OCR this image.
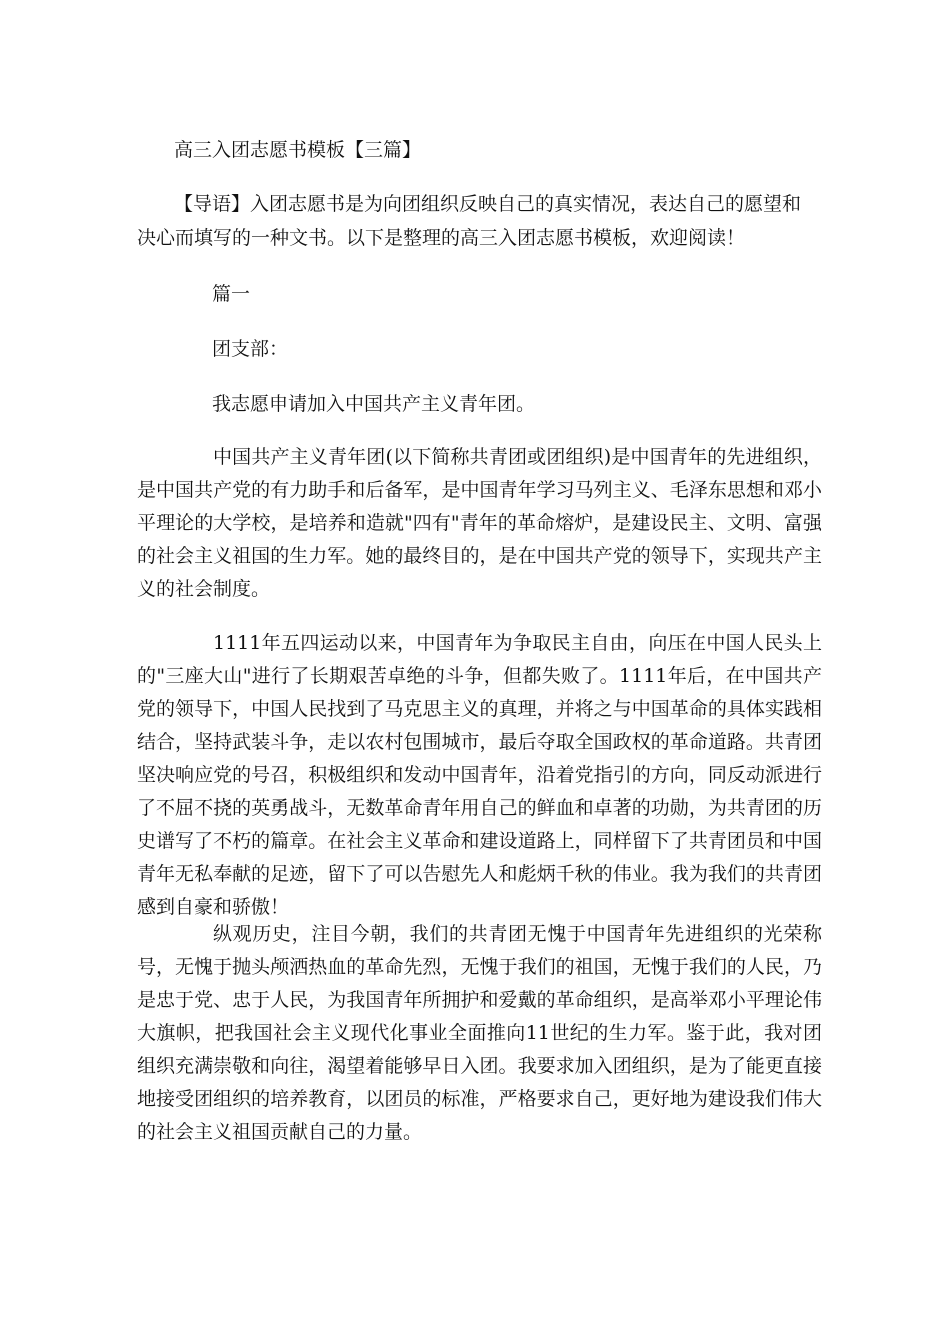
高三入团志愿书模板【三篇】
【导语】入团志愿书是为向团组织反映自己的真实情况，表达自己的愿望和
决心而填写的一种文书。以下是整理的高三入团志愿书模板，欢迎阅读！
篇一
团支部：
我志愿申请加入中国共产主义青年团。

中国共产主义青年团(以下简称共青团或团组织)是中国青年的先进组织，是中国共产党的有力助手和后备军，是中国青年学习马列主义、毛泽东思想和邓小平理论的大学校，是培养和造就"四有"青年的革命熔炉，是建设民主、文明、富强的社会主义祖国的生力军。她的最终目的，是在中国共产党的领导下，实现共产主义的社会制度。

1111年五四运动以来，中国青年为争取民主自由，向压在中国人民头上的"三座大山"进行了长期艰苦卓绝的斗争，但都失败了。1111年后，在中国共产党的领导下，中国人民找到了马克思主义的真理，并将之与中国革命的具体实践相结合，坚持武装斗争，走以农村包围城市，最后夺取全国政权的革命道路。共青团坚决响应党的号召，积极组织和发动中国青年，沿着党指引的方向，同反动派进行了不屈不挠的英勇战斗，无数革命青年用自己的鲜血和卓著的功勋，为共青团的历史谱写了不朽的篇章。在社会主义革命和建设道路上，同样留下了共青团员和中国青年无私奉献的足迹，留下了可以告慰先人和彪炳千秋的伟业。我为我们的共青团感到自豪和骄傲！

纵观历史，注目今朝，我们的共青团无愧于中国青年先进组织的光荣称号，无愧于抛头颅洒热血的革命先烈，无愧于我们的祖国，无愧于我们的人民，乃是忠于党、忠于人民，为我国青年所拥护和爱戴的革命组织，是高举邓小平理论伟大旗帜，把我国社会主义现代化事业全面推向11世纪的生力军。鉴于此，我对团组织充满崇敬和向往，渴望着能够早日入团。我要求加入团组织，是为了能更直接地接受团组织的培养教育，以团员的标准，严格要求自己，更好地为建设我们伟大的社会主义祖国贡献自己的力量。
